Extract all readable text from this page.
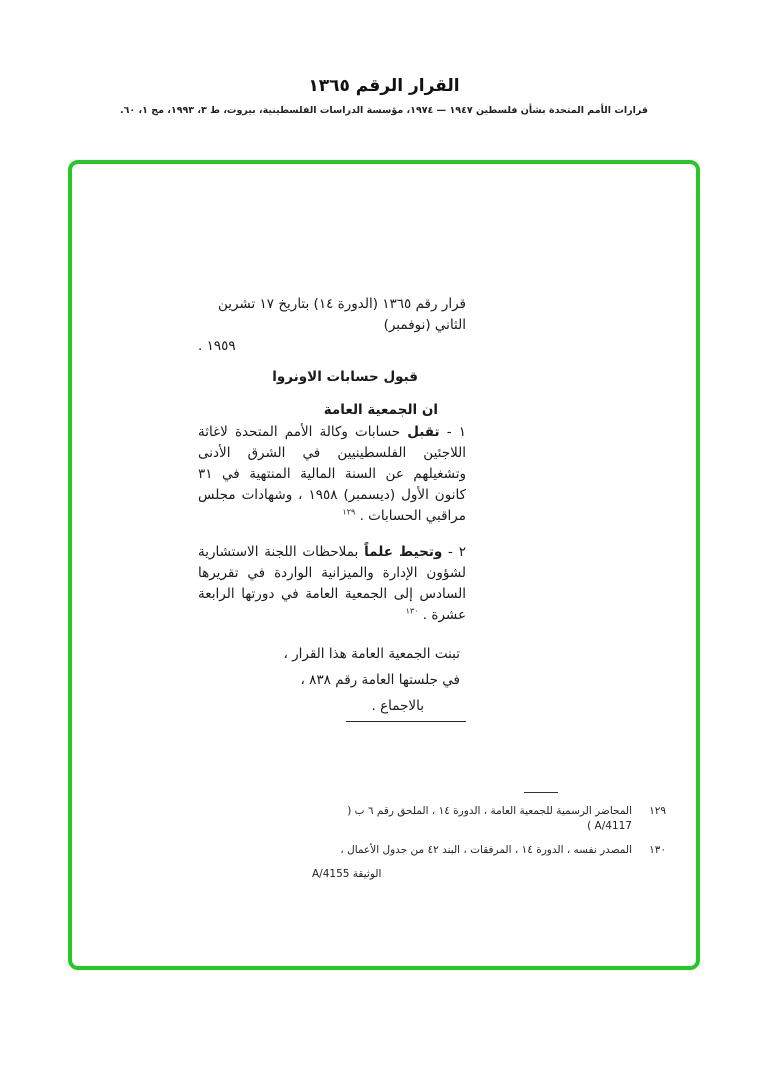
القرار الرقم ١٣٦٥
قرارات الأمم المتحدة بشأن فلسطين ١٩٤٧ — ١٩٧٤، مؤسسة الدراسات الفلسطينية، بيروت، ط ٣، ١٩٩٣، مج ١، ٦٠.

قرار رقم ١٣٦٥ (الدورة ١٤) بتاريخ ١٧ تشرين الثاني (نوفمبر)
١٩٥٩ .

قبول حسابات الاونروا

ان الجمعية العامة

١ - تقبل حسابات وكالة الأمم المتحدة لاغاثة اللاجئين الفلسطينيين في الشرق الأدنى وتشغيلهم عن السنة المالية المنتهية في ٣١ كانون الأول (ديسمبر) ١٩٥٨ ، وشهادات مجلس مراقبي الحسابات . $^{١٢٩}$

٢ - وتحيط علماً بملاحظات اللجنة الاستشارية لشؤون الإدارة والميزانية الواردة في تقريرها السادس إلى الجمعية العامة في دورتها الرابعة عشرة . $^{١٣٠}$

تبنت الجمعية العامة هذا القرار ،

في جلستها العامة رقم ٨٣٨ ،

بالاجماع .

١٢٩
المحاضر الرسمية للجمعية العامة ، الدورة ١٤ ، الملحق رقم ٦ ب ( A/4117 )
١٣٠
المصدر نفسه ، الدورة ١٤ ، المرفقات ، البند ٤٢ من جدول الأعمال ،
الوثيقة A/4155
